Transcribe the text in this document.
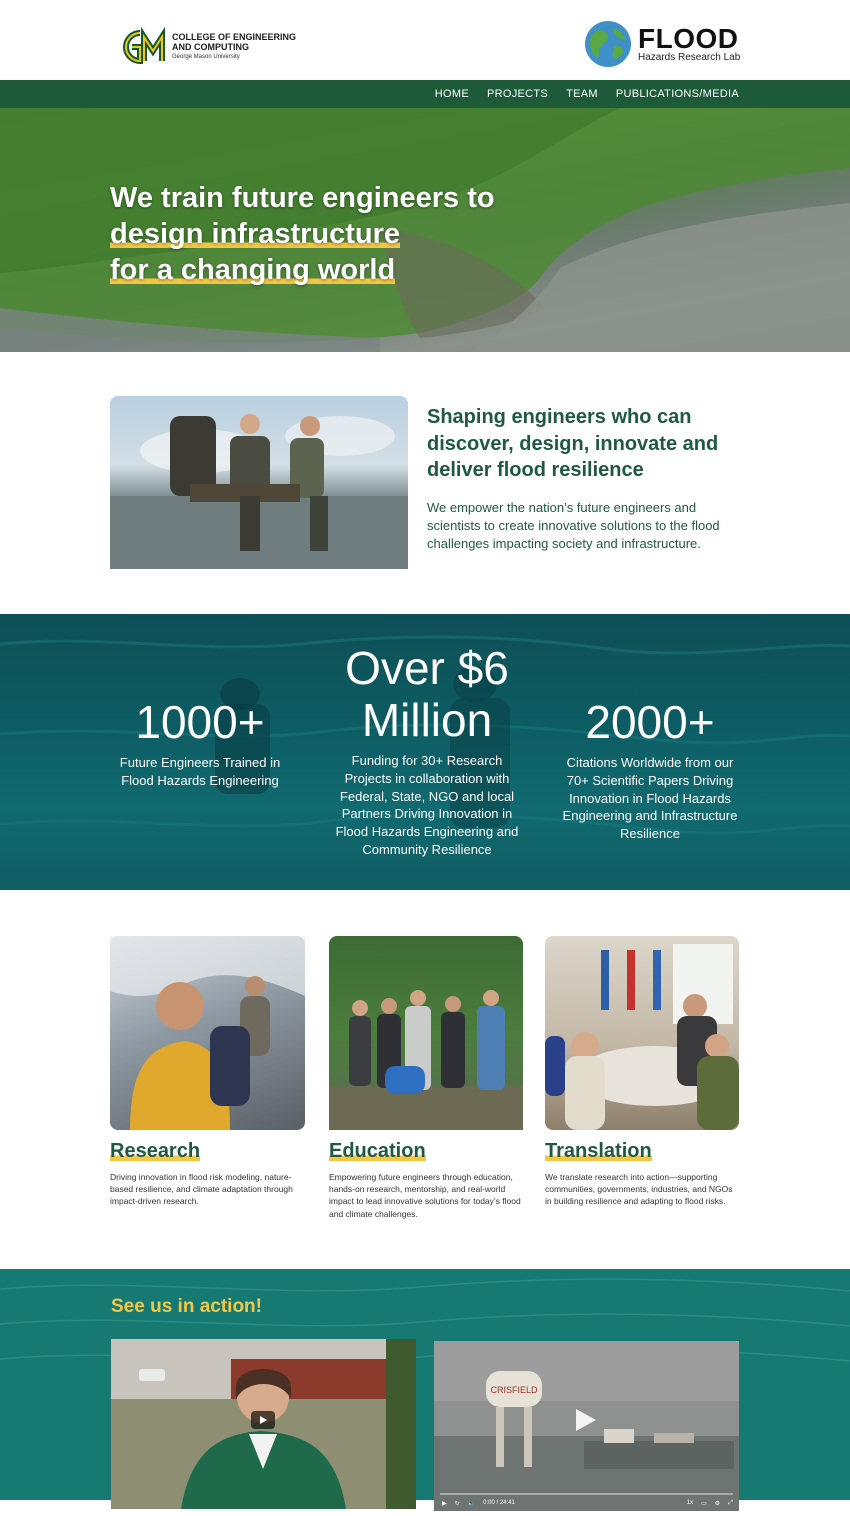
COLLEGE OF ENGINEERING
AND COMPUTING
George Mason University
FLOOD
Hazards Research Lab
HOME PROJECTS TEAM PUBLICATIONS/MEDIA
We train future engineers to
design infrastructure
for a changing world
Shaping engineers who can discover, design, innovate and deliver flood resilience
We empower the nation’s future engineers and scientists to create innovative solutions to the flood challenges impacting society and infrastructure.
1000+
Future Engineers Trained in Flood Hazards Engineering
Over $6 Million
Funding for 30+ Research Projects in collaboration with Federal, State, NGO and local Partners Driving Innovation in Flood Hazards Engineering and Community Resilience
2000+
Citations Worldwide from our 70+ Scientific Papers Driving Innovation in Flood Hazards Engineering and Infrastructure Resilience
Research
Driving innovation in flood risk modeling, nature-based resilience, and climate adaptation through impact-driven research.
Education
Empowering future engineers through education, hands-on research, mentorship, and real-world impact to lead innovative solutions for today’s flood and climate challenges.
Translation
We translate research into action—supporting communities, governments, industries, and NGOs in building resilience and adapting to flood risks.
See us in action!
CRISFIELD
▶ ↻ 🔈 0:00 / 24:41	1x ▭ ⚙ ⤢
